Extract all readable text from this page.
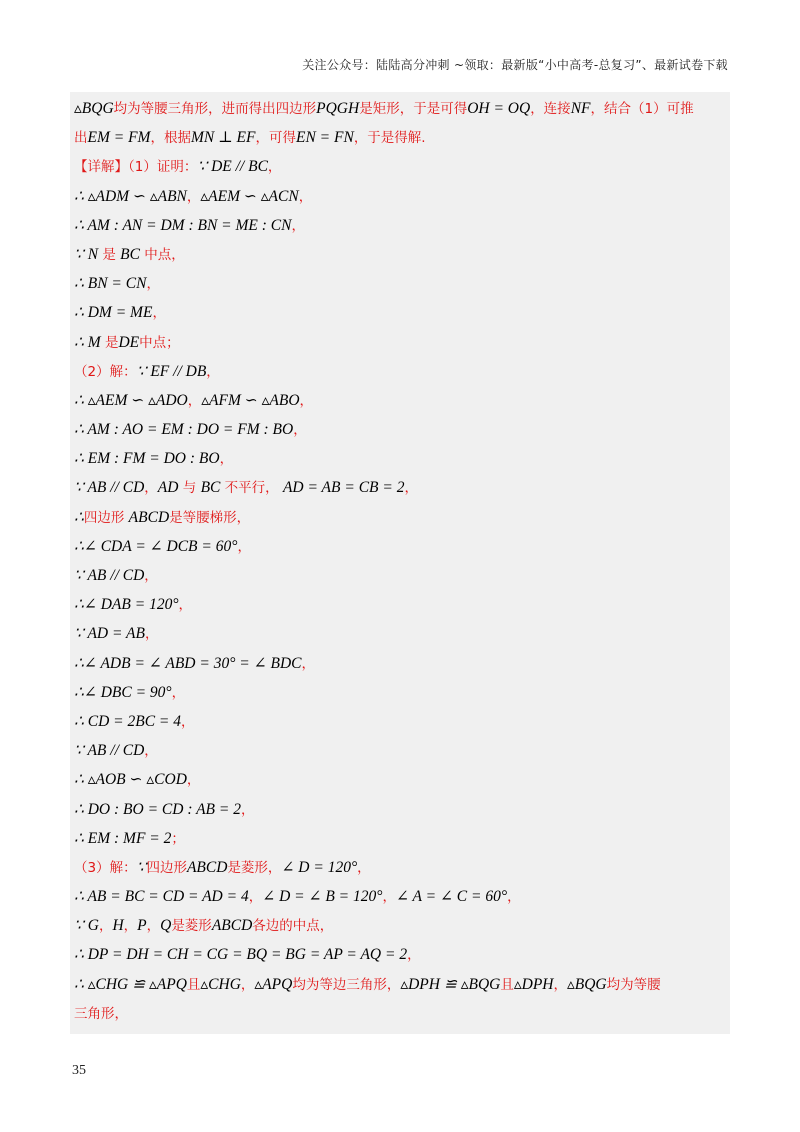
关注公众号：陆陆高分冲刺 ~领取：最新版“小中高考-总复习”、最新试卷下载
▵BQG均为等腰三角形，进而得出四边形PQGH是矩形，于是可得OH = OQ，连接NF，结合（1）可推
出EM = FM，根据MN ⊥ EF，可得EN = FN，于是得解.
【详解】（1）证明：∵ DE // BC，
∴ ▵ADM ∽ ▵ABN，▵AEM ∽ ▵ACN，
∴ AM : AN = DM : BN = ME : CN，
∵ N 是 BC 中点，
∴ BN = CN，
∴ DM = ME，
∴ M 是DE中点；
（2）解：∵ EF // DB，
∴ ▵AEM ∽ ▵ADO，▵AFM ∽ ▵ABO，
∴ AM : AO = EM : DO = FM : BO，
∴ EM : FM = DO : BO，
∵ AB // CD，AD 与 BC 不平行， AD = AB = CB = 2，
∴四边形 ABCD是等腰梯形，
∴∠ CDA = ∠ DCB = 60°，
∵ AB // CD，
∴∠ DAB = 120°，
∵ AD = AB，
∴∠ ADB = ∠ ABD = 30° = ∠ BDC，
∴∠ DBC = 90°，
∴ CD = 2BC = 4，
∵ AB // CD，
∴ ▵AOB ∽ ▵COD，
∴ DO : BO = CD : AB = 2，
∴ EM : MF = 2；
（3）解：∵四边形ABCD是菱形，∠ D = 120°，
∴ AB = BC = CD = AD = 4，∠ D = ∠ B = 120°，∠ A = ∠ C = 60°，
∵ G，H，P，Q是菱形ABCD各边的中点，
∴ DP = DH = CH = CG = BQ = BG = AP = AQ = 2，
∴ ▵CHG ≌ ▵APQ且▵CHG，▵APQ均为等边三角形，▵DPH ≌ ▵BQG且▵DPH，▵BQG均为等腰
三角形，
35
